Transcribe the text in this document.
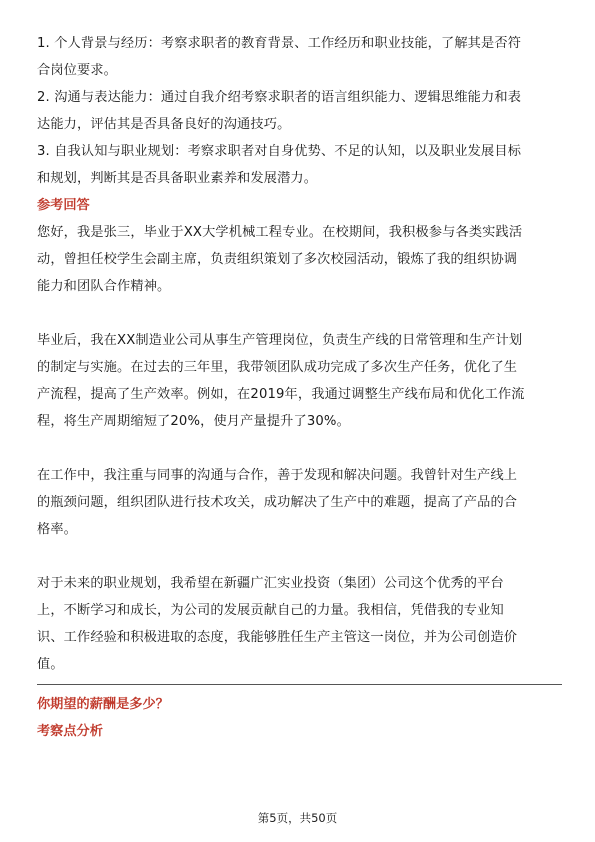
1. 个人背景与经历：考察求职者的教育背景、工作经历和职业技能，了解其是否符
合岗位要求。
2. 沟通与表达能力：通过自我介绍考察求职者的语言组织能力、逻辑思维能力和表
达能力，评估其是否具备良好的沟通技巧。
3. 自我认知与职业规划：考察求职者对自身优势、不足的认知，以及职业发展目标
和规划，判断其是否具备职业素养和发展潜力。
参考回答
您好，我是张三，毕业于XX大学机械工程专业。在校期间，我积极参与各类实践活
动，曾担任校学生会副主席，负责组织策划了多次校园活动，锻炼了我的组织协调
能力和团队合作精神。
毕业后，我在XX制造业公司从事生产管理岗位，负责生产线的日常管理和生产计划
的制定与实施。在过去的三年里，我带领团队成功完成了多次生产任务，优化了生
产流程，提高了生产效率。例如，在2019年，我通过调整生产线布局和优化工作流
程，将生产周期缩短了20%，使月产量提升了30%。
在工作中，我注重与同事的沟通与合作，善于发现和解决问题。我曾针对生产线上
的瓶颈问题，组织团队进行技术攻关，成功解决了生产中的难题，提高了产品的合
格率。
对于未来的职业规划，我希望在新疆广汇实业投资（集团）公司这个优秀的平台
上，不断学习和成长，为公司的发展贡献自己的力量。我相信，凭借我的专业知
识、工作经验和积极进取的态度，我能够胜任生产主管这一岗位，并为公司创造价
值。
你期望的薪酬是多少？
考察点分析
第5页，共50页
